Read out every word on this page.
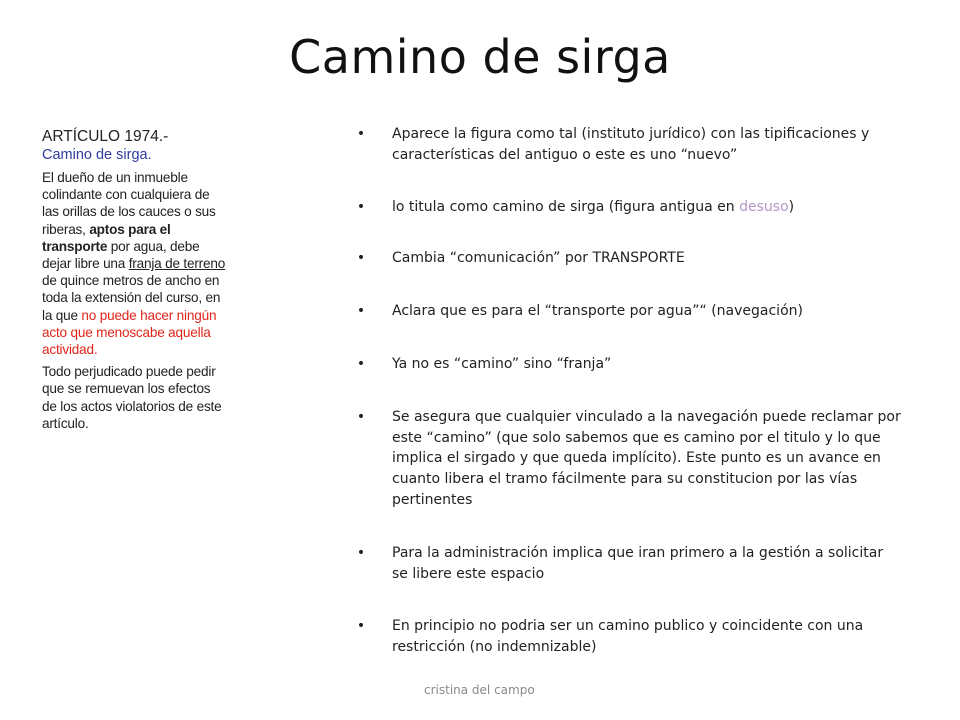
Camino de sirga

ARTÍCULO 1974.-
Camino de sirga.

El dueño de un inmueble colindante con cualquiera de las orillas de los cauces o sus riberas, aptos para el transporte por agua, debe dejar libre una franja de terreno de quince metros de ancho en toda la extensión del curso, en la que no puede hacer ningún acto que menoscabe aquella actividad.

Todo perjudicado puede pedir que se remuevan los efectos de los actos violatorios de este artículo.

• Aparece la figura como tal (instituto jurídico) con las tipificaciones y características del antiguo o este es uno “nuevo”
• lo titula como camino de sirga (figura antigua en desuso)
• Cambia “comunicación” por TRANSPORTE
• Aclara que es para el “transporte por agua”“ (navegación)
• Ya no es “camino” sino “franja”
• Se asegura que cualquier vinculado a la navegación puede reclamar por este “camino” (que solo sabemos que es camino por el titulo y lo que implica el sirgado y que queda implícito). Este punto es un avance en cuanto libera el tramo fácilmente para su constitucion por las vías pertinentes
• Para la administración implica que iran primero a la gestión a solicitar se libere este espacio
• En principio no podria ser un camino publico y coincidente con una restricción (no indemnizable)
cristina del campo
